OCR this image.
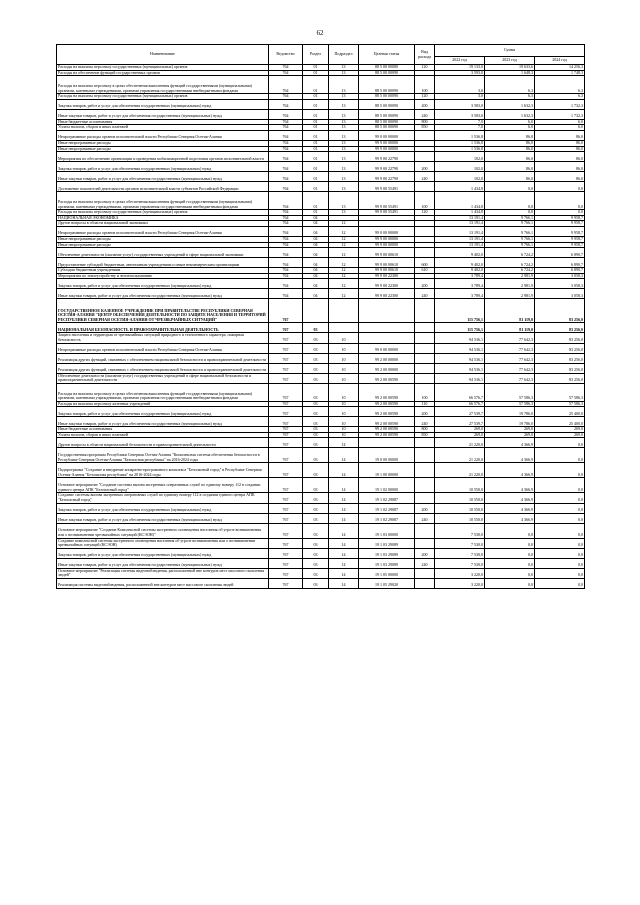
62
Наименование	Ведомство	Раздел	Подраздел	Целевая статья	Вид расхода	Сумма		
						2022 год	2023 год	2024 год
Расходы на выплаты персоналу государственных (муниципальных) органов	764	01	13	88 5 00 00080	120	19 133,0	19 633,6	14 256,3
Расходы на обеспечение функций государственных органов	764	01	13	88 5 00 00090		3 593,0	1 648,3	1 748,3
Расходы на выплаты персоналу в целях обеспечения выполнения функций государственными (муниципальными) органами, казенными учреждениями, органами управления государственными внебюджетными фондами	764	01	13	88 5 00 00090	100	3,0	6,3	6,3
Расходы на выплаты персоналу государственных (муниципальных) органов	764	01	13	88 5 00 00090	120	3,0	6,3	6,3
Закупка товаров, работ и услуг для обеспечения государственных (муниципальных) нужд	764	01	13	88 5 00 00090	200	3 583,0	1 632,3	1 732,3
Иные закупки товаров, работ и услуг для обеспечения государственных (муниципальных) нужд	764	01	13	88 5 00 00090	240	3 583,0	1 632,3	1 732,3
Иные бюджетные ассигнования	764	01	13	88 5 00 00090	800	7,0	6,0	6,0
Уплата налогов, сборов и иных платежей	764	01	13	88 5 00 00090	850	7,0	6,0	6,0
Непрограммные расходы органов исполнительной власти Республики Северная Осетия-Алания	764	01	13	99 0 00 00000		1 536,8	86,0	86,0
Иные непрограммные расходы	764	01	13	99 9 00 00000		1 536,8	86,0	86,0
Иные непрограммные расходы	764	01	13	99 9 00 00000		1 536,8	86,0	86,0
Мероприятия по обеспечению организации и проведения мобилизационной подготовки органов исполнительной власти	764	01	13	99 9 00 22790		102,0	86,0	86,0
Закупка товаров, работ и услуг для обеспечения государственных (муниципальных) нужд	764	01	13	99 9 00 22790	200	102,0	86,0	86,0
Иные закупки товаров, работ и услуг для обеспечения государственных (муниципальных) нужд	764	01	13	99 9 00 22790	240	102,0	86,0	86,0
Достижение показателей деятельности органов исполнительной власти субъектов Российской Федерации	764	01	13	99 9 00 55491		1 434,8	0,0	0,0
Расходы на выплаты персоналу в целях обеспечения выполнения функций государственными (муниципальными) органами, казенными учреждениями, органами управления государственными внебюджетными фондами	764	01	13	99 9 00 55491	100	1 434,8	0,0	0,0
Расходы на выплаты персоналу государственных (муниципальных) органов	764	01	13	99 9 00 55491	120	1 434,8	0,0	0,0
НАЦИОНАЛЬНАЯ ЭКОНОМИКА	764	04				13 191,4	9 766,1	9 958,7
Другие вопросы в области национальной экономики	764	04	12			13 191,4	9 766,1	9 958,7
Непрограммные расходы органов исполнительной власти Республики Северная Осетия-Алания	764	04	12	99 0 00 00000		13 191,4	9 766,1	9 958,7
Иные непрограммные расходы	764	04	12	99 9 00 00000		13 191,4	9 766,1	9 958,7
Иные непрограммные расходы	764	04	12	99 9 00 00000		13 191,4	9 766,1	9 958,7
Обеспечение деятельности (оказание услуг) государственных учреждений в сфере национальной экономики	764	04	12	99 9 00 00610		9 402,0	6 724,2	6 890,7
Предоставление субсидий бюджетным, автономным учреждениям и иным некоммерческим организациям	764	04	12	99 9 00 00610	600	9 402,0	6 724,2	6 890,7
Субсидии бюджетным учреждениям	764	04	12	99 9 00 00610	610	9 402,0	6 724,2	6 890,7
Мероприятия по землеустройству и землепользованию	764	04	12	99 9 00 22300		3 789,4	2 981,9	3 058,3
Закупка товаров, работ и услуг для обеспечения государственных (муниципальных) нужд	764	04	12	99 9 00 22300	200	3 789,4	2 981,9	3 058,3
Иные закупки товаров, работ и услуг для обеспечения государственных (муниципальных) нужд	764	04	12	99 9 00 22300	240	3 789,4	2 981,9	3 058,3
ГОСУДАРСТВЕННОЕ КАЗЕННОЕ УЧРЕЖДЕНИЕ ПРИ ПРАВИТЕЛЬСТВЕ РЕСПУБЛИКИ СЕВЕРНАЯ ОСЕТИЯ-АЛАНИЯ "ЦЕНТР ОБЕСПЕЧЕНИЯ ДЕЯТЕЛЬНОСТИ ПО ЗАЩИТЕ НАСЕЛЕНИЯ И ТЕРРИТОРИЙ РЕСПУБЛИКИ СЕВЕРНАЯ ОСЕТИЯ-АЛАНИЯ ОТ ЧРЕЗВЫЧАЙНЫХ СИТУАЦИЙ"	767					115 756,1	81 119,0	83 256,0
НАЦИОНАЛЬНАЯ БЕЗОПАСНОСТЬ И ПРАВООХРАНИТЕЛЬНАЯ ДЕЯТЕЛЬНОСТЬ	767	03				115 756,1	81 119,0	83 256,0
Защита населения и территории от чрезвычайных ситуаций природного и техногенного характера, пожарная безопасность	767	03	10			94 536,1	77 642,3	83 256,0
Непрограммные расходы органов исполнительной власти Республики Северная Осетия-Алания	767	03	10	99 0 00 00000		94 536,1	77 642,3	83 256,0
Реализация других функций, связанных с обеспечением национальной безопасности и правоохранительной деятельности	767	03	10	99 2 00 00000		94 536,1	77 642,3	83 256,0
Реализация других функций, связанных с обеспечением национальной безопасности и правоохранительной деятельности	767	03	10	99 2 00 00000		94 536,1	77 642,3	83 256,0
Обеспечение деятельности (оказание услуг) государственных учреждений в сфере национальной безопасности и правоохранительной деятельности	767	03	10	99 2 00 00590		94 536,1	77 642,3	83 256,0
Расходы на выплаты персоналу в целях обеспечения выполнения функций государственными (муниципальными) органами, казенными учреждениями, органами управления государственными внебюджетными фондами	767	03	10	99 2 00 00590	100	66 576,7	57 586,3	57 586,3
Расходы на выплаты персоналу казенных учреждений	767	03	10	99 2 00 00590	110	66 576,7	57 586,3	57 586,3
Закупка товаров, работ и услуг для обеспечения государственных (муниципальных) нужд	767	03	10	99 2 00 00590	200	27 539,7	19 786,0	25 400,0
Иные закупки товаров, работ и услуг для обеспечения государственных (муниципальных) нужд	767	03	10	99 2 00 00590	240	27 539,7	19 786,0	25 400,0
Иные бюджетные ассигнования	767	03	10	99 2 00 00590	800	269,0	269,0	269,0
Уплата налогов, сборов и иных платежей	767	03	10	99 2 00 00590	850	269,0	269,0	269,0
Другие вопросы в области национальной безопасности и правоохранительной деятельности	767	03	14			21 220,0	4 366,9	0,0
Государственная программа Республики Северная Осетия-Алания "Комплексная система обеспечения безопасности в Республике Северная Осетия-Алания "Безопасная республика" на 2016-2024 годы	767	03	14	19 0 00 00000		21 220,0	4 366,9	0,0
Подпрограмма "Создание и внедрение аппаратно-программного комплекса "Безопасный город" в Республике Северная Осетия-Алания "Безопасная республика" на 2016-2024 годы	767	03	14	19 1 00 00000		21 220,0	4 366,9	0,0
Основное мероприятие "Создание системы вызова экстренных оперативных служб по единому номеру 112 в создании единого центра АПК "Безопасный город"	767	03	14	19 1 02 00000		10 550,0	4 366,9	0,0
Создание системы вызова экстренных оперативных служб по единому номеру 112 в создании единого центра АПК "Безопасный город"	767	03	14	19 1 02 29087		10 550,0	4 366,9	0,0
Закупка товаров, работ и услуг для обеспечения государственных (муниципальных) нужд	767	03	14	19 1 02 29087	200	10 550,0	4 366,9	0,0
Иные закупки товаров, работ и услуг для обеспечения государственных (муниципальных) нужд	767	03	14	19 1 02 29087	240	10 550,0	4 366,9	0,0
Основное мероприятие "Создание Комплексной системы экстренного оповещения населения об угрозе возникновения или о возникновении чрезвычайных ситуаций (КСЭОН)"	767	03	14	19 1 03 00000		7 530,0	0,0	0,0
Создание комплексной системы экстренного оповещения населения об угрозе возникновения или о возникновении чрезвычайных ситуаций (КСЭОН)	767	03	14	19 1 03 29089		7 530,0	0,0	0,0
Закупка товаров, работ и услуг для обеспечения государственных (муниципальных) нужд	767	03	14	19 1 03 29089	200	7 530,0	0,0	0,0
Иные закупки товаров, работ и услуг для обеспечения государственных (муниципальных) нужд	767	03	14	19 1 03 29089	240	7 530,0	0,0	0,0
Основное мероприятие "Реализация системы видеонаблюдения, расположенной вне контуров мест массового скопления людей"	767	03	14	19 1 05 00000		3 220,0	0,0	0,0
Реализация системы видеонаблюдения, расположенной вне контуров мест массового скопления людей	767	03	14	19 1 05 29020		3 220,0	0,0	0,0
